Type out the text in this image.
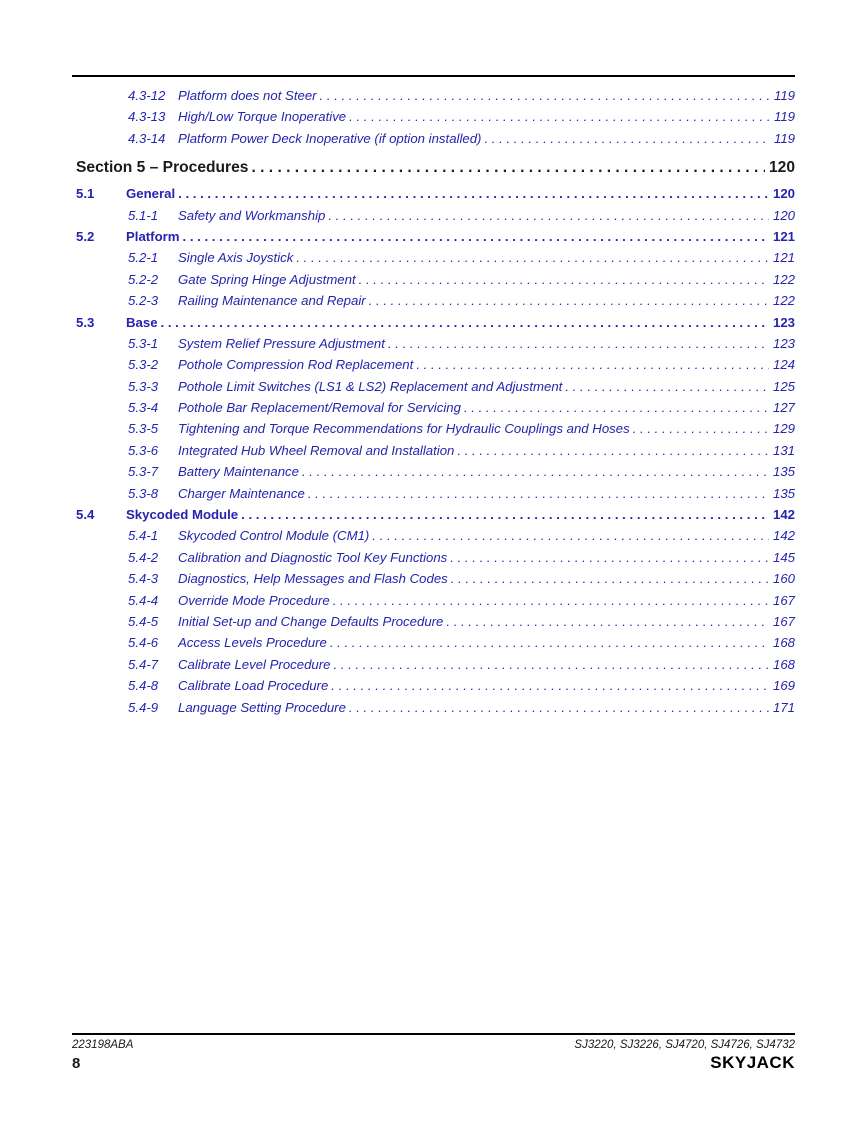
4.3-12 Platform does not Steer . . .	119
4.3-13 High/Low Torque Inoperative . . .	119
4.3-14 Platform Power Deck Inoperative (if option installed) . . .	119
Section 5 – Procedures . . .	120
5.1	General . . .	120
5.1-1	Safety and Workmanship . . .	120
5.2	Platform . . .	121
5.2-1	Single Axis Joystick . . .	121
5.2-2	Gate Spring Hinge Adjustment . . .	122
5.2-3	Railing Maintenance and Repair . . .	122
5.3	Base . . .	123
5.3-1	System Relief Pressure Adjustment . . .	123
5.3-2	Pothole Compression Rod Replacement . . .	124
5.3-3	Pothole Limit Switches (LS1 & LS2) Replacement and Adjustment . . .	125
5.3-4	Pothole Bar Replacement/Removal for Servicing . . .	127
5.3-5	Tightening and Torque Recommendations for Hydraulic Couplings and Hoses . . .	129
5.3-6	Integrated Hub Wheel Removal and Installation . . .	131
5.3-7	Battery Maintenance . . .	135
5.3-8	Charger Maintenance . . .	135
5.4	Skycoded Module . . .	142
5.4-1	Skycoded Control Module (CM1) . . .	142
5.4-2	Calibration and Diagnostic Tool Key Functions . . .	145
5.4-3	Diagnostics, Help Messages and Flash Codes . . .	160
5.4-4	Override Mode Procedure . . .	167
5.4-5	Initial Set-up and Change Defaults Procedure . . .	167
5.4-6	Access Levels Procedure . . .	168
5.4-7	Calibrate Level Procedure . . .	168
5.4-8	Calibrate Load Procedure . . .	169
5.4-9	Language Setting Procedure . . .	171
223198ABA	SJ3220, SJ3226, SJ4720, SJ4726, SJ4732
8	SKYJACK
